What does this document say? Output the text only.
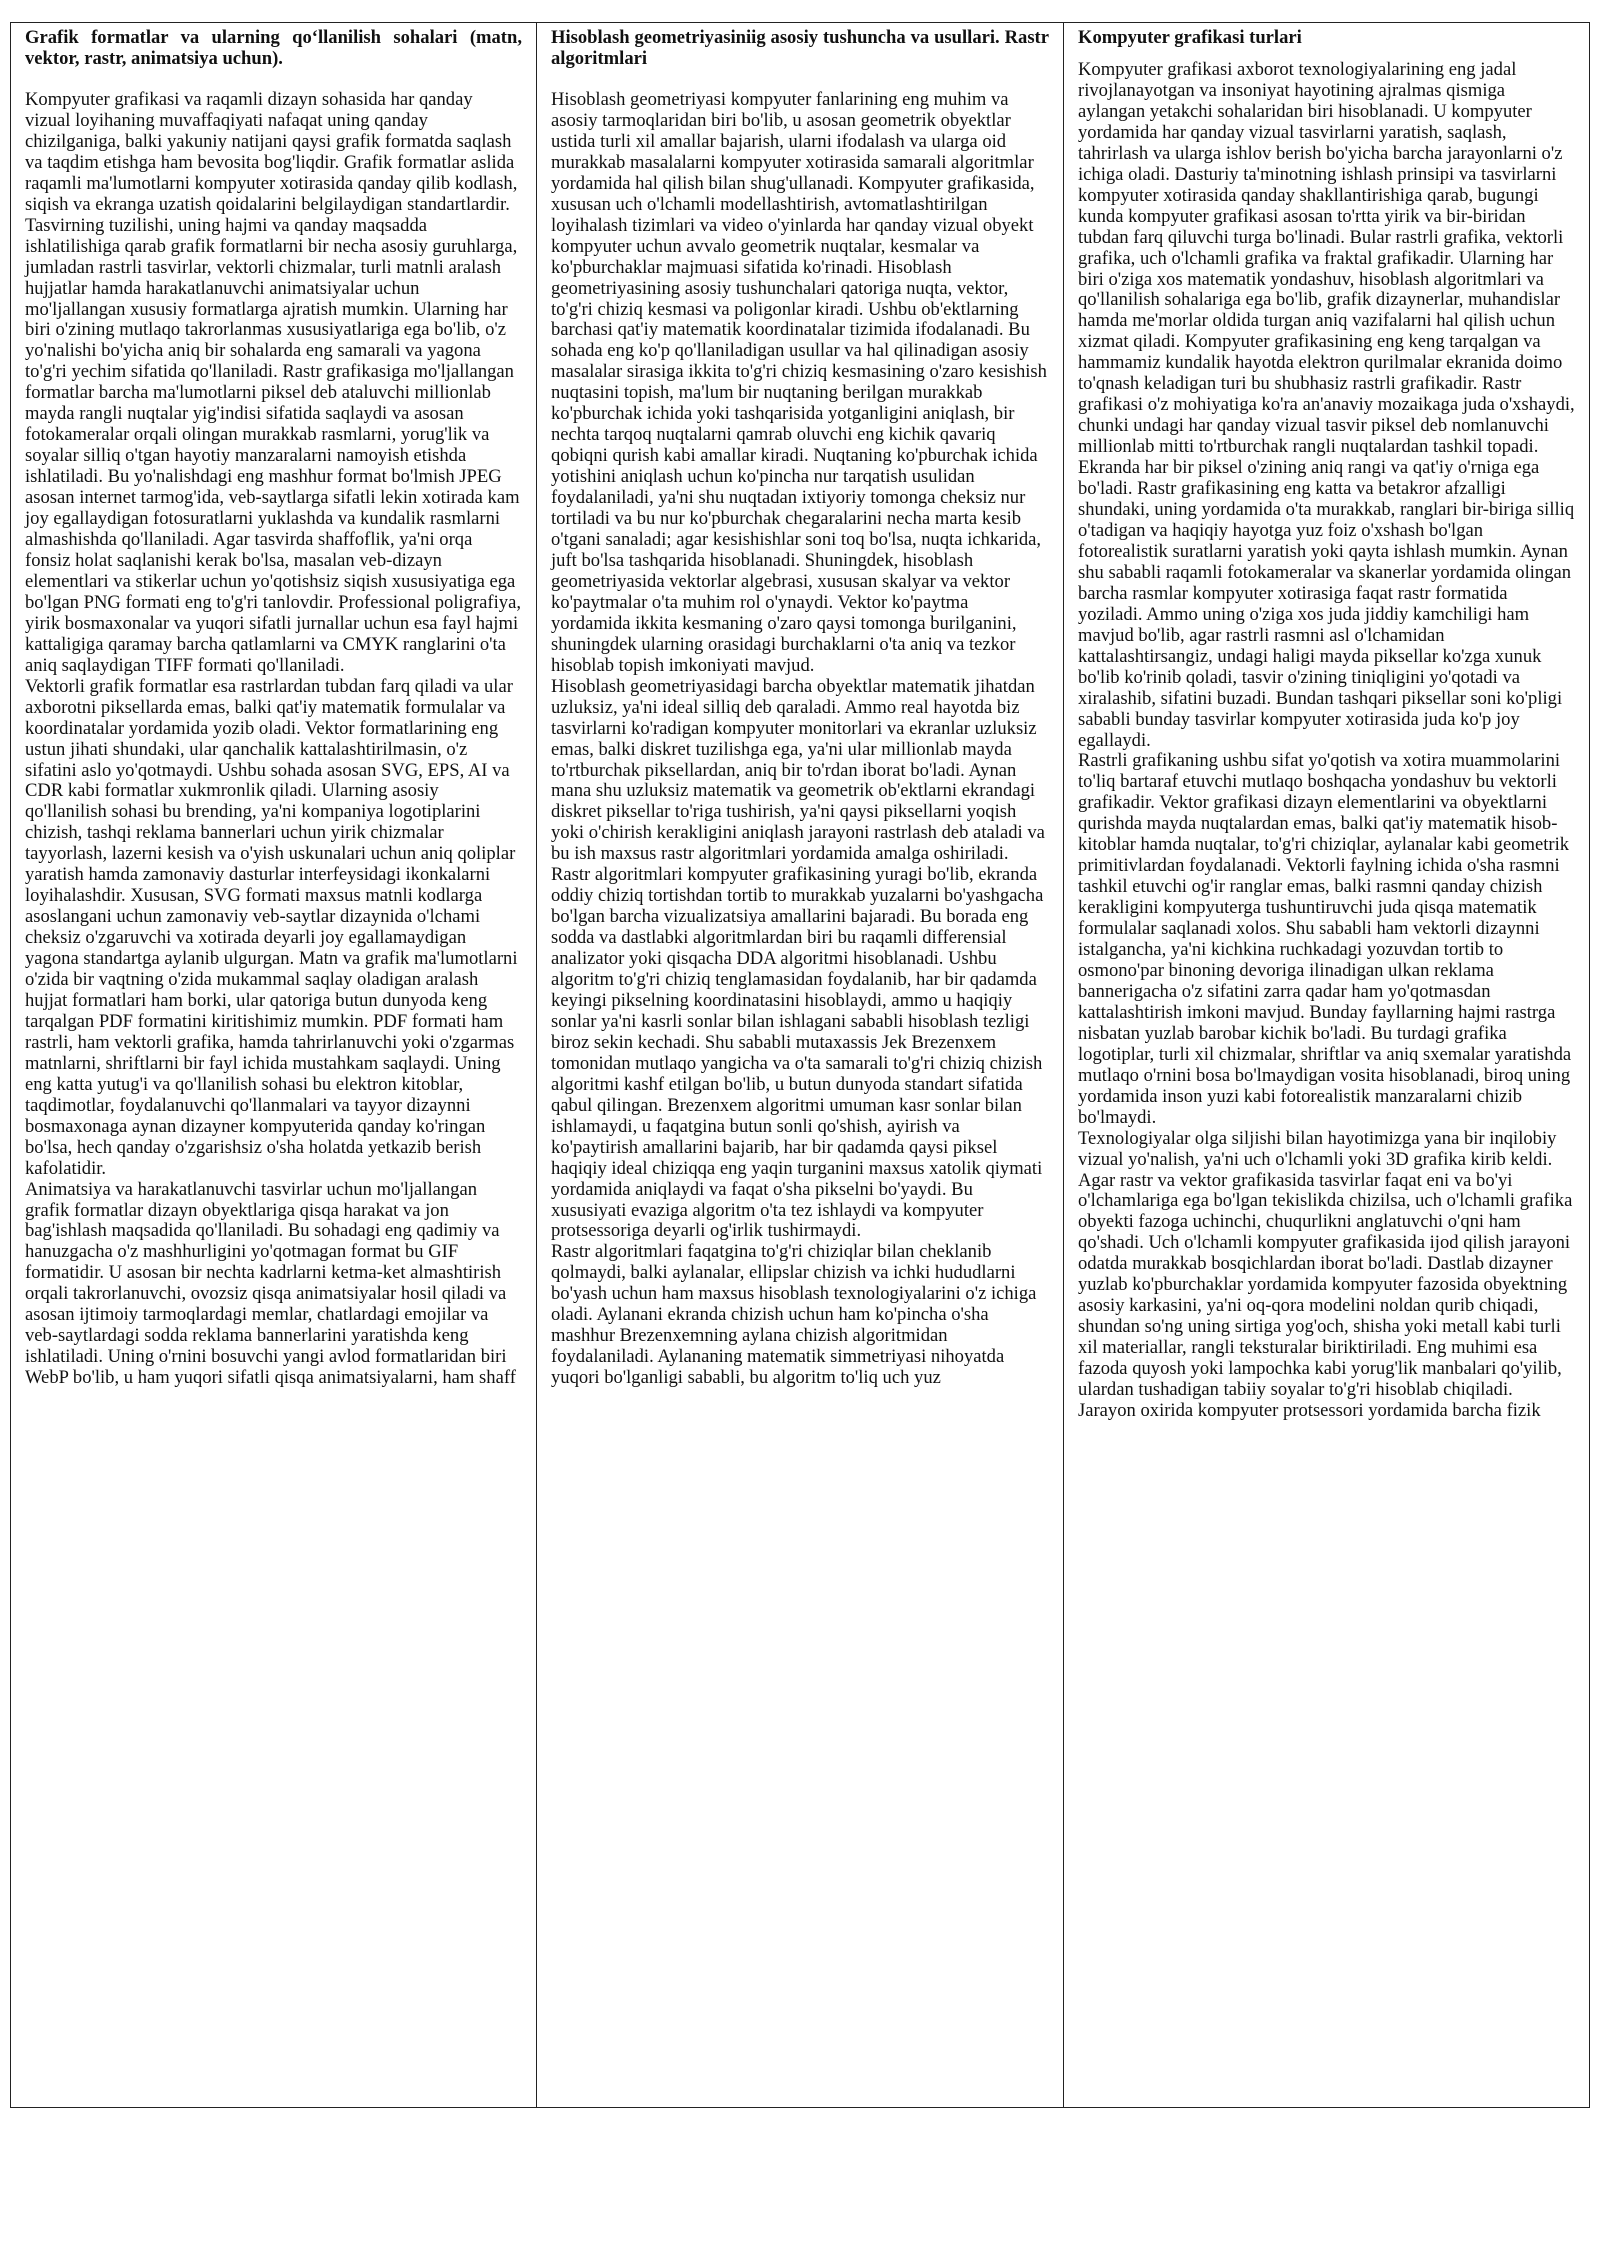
Grafik formatlar va ularning qo‘llanilish sohalari (matn, vektor, rastr, animatsiya uchun).

Kompyuter grafikasi va raqamli dizayn sohasida har qanday vizual loyihaning muvaffaqiyati nafaqat uning qanday chizilganiga, balki yakuniy natijani qaysi grafik formatda saqlash va taqdim etishga ham bevosita bog'liqdir. Grafik formatlar aslida raqamli ma'lumotlarni kompyuter xotirasida qanday qilib kodlash, siqish va ekranga uzatish qoidalarini belgilaydigan standartlardir. Tasvirning tuzilishi, uning hajmi va qanday maqsadda ishlatilishiga qarab grafik formatlarni bir necha asosiy guruhlarga, jumladan rastrli tasvirlar, vektorli chizmalar, turli matnli aralash hujjatlar hamda harakatlanuvchi animatsiyalar uchun mo'ljallangan xususiy formatlarga ajratish mumkin. Ularning har biri o'zining mutlaqo takrorlanmas xususiyatlariga ega bo'lib, o'z yo'nalishi bo'yicha aniq bir sohalarda eng samarali va yagona to'g'ri yechim sifatida qo'llaniladi. Rastr grafikasiga mo'ljallangan formatlar barcha ma'lumotlarni piksel deb ataluvchi millionlab mayda rangli nuqtalar yig'indisi sifatida saqlaydi va asosan fotokameralar orqali olingan murakkab rasmlarni, yorug'lik va soyalar silliq o'tgan hayotiy manzaralarni namoyish etishda ishlatiladi. Bu yo'nalishdagi eng mashhur format bo'lmish JPEG asosan internet tarmog'ida, veb-saytlarga sifatli lekin xotirada kam joy egallaydigan fotosuratlarni yuklashda va kundalik rasmlarni almashishda qo'llaniladi. Agar tasvirda shaffoflik, ya'ni orqa fonsiz holat saqlanishi kerak bo'lsa, masalan veb-dizayn elementlari va stikerlar uchun yo'qotishsiz siqish xususiyatiga ega bo'lgan PNG formati eng to'g'ri tanlovdir. Professional poligrafiya, yirik bosmaxonalar va yuqori sifatli jurnallar uchun esa fayl hajmi kattaligiga qaramay barcha qatlamlarni va CMYK ranglarini o'ta aniq saqlaydigan TIFF formati qo'llaniladi.

Vektorli grafik formatlar esa rastrlardan tubdan farq qiladi va ular axborotni piksellarda emas, balki qat'iy matematik formulalar va koordinatalar yordamida yozib oladi. Vektor formatlarining eng ustun jihati shundaki, ular qanchalik kattalashtirilmasin, o'z sifatini aslo yo'qotmaydi. Ushbu sohada asosan SVG, EPS, AI va CDR kabi formatlar xukmronlik qiladi. Ularning asosiy qo'llanilish sohasi bu brending, ya'ni kompaniya logotiplarini chizish, tashqi reklama bannerlari uchun yirik chizmalar tayyorlash, lazerni kesish va o'yish uskunalari uchun aniq qoliplar yaratish hamda zamonaviy dasturlar interfeysidagi ikonkalarni loyihalashdir. Xususan, SVG formati maxsus matnli kodlarga asoslangani uchun zamonaviy veb-saytlar dizaynida o'lchami cheksiz o'zgaruvchi va xotirada deyarli joy egallamaydigan yagona standartga aylanib ulgurgan. Matn va grafik ma'lumotlarni o'zida bir vaqtning o'zida mukammal saqlay oladigan aralash hujjat formatlari ham borki, ular qatoriga butun dunyoda keng tarqalgan PDF formatini kiritishimiz mumkin. PDF formati ham rastrli, ham vektorli grafika, hamda tahrirlanuvchi yoki o'zgarmas matnlarni, shriftlarni bir fayl ichida mustahkam saqlaydi. Uning eng katta yutug'i va qo'llanilish sohasi bu elektron kitoblar, taqdimotlar, foydalanuvchi qo'llanmalari va tayyor dizaynni bosmaxonaga aynan dizayner kompyuterida qanday ko'ringan bo'lsa, hech qanday o'zgarishsiz o'sha holatda yetkazib berish kafolatidir.

Animatsiya va harakatlanuvchi tasvirlar uchun mo'ljallangan grafik formatlar dizayn obyektlariga qisqa harakat va jon bag'ishlash maqsadida qo'llaniladi. Bu sohadagi eng qadimiy va hanuzgacha o'z mashhurligini yo'qotmagan format bu GIF formatidir. U asosan bir nechta kadrlarni ketma-ket almashtirish orqali takrorlanuvchi, ovozsiz qisqa animatsiyalar hosil qiladi va asosan ijtimoiy tarmoqlardagi memlar, chatlardagi emojilar va veb-saytlardagi sodda reklama bannerlarini yaratishda keng ishlatiladi. Uning o'rnini bosuvchi yangi avlod formatlaridan biri WebP bo'lib, u ham yuqori sifatli qisqa animatsiyalarni, ham shaff

Hisoblash geometriyasiniig asosiy tushuncha va usullari. Rastr algoritmlari

Hisoblash geometriyasi kompyuter fanlarining eng muhim va asosiy tarmoqlaridan biri bo'lib, u asosan geometrik obyektlar ustida turli xil amallar bajarish, ularni ifodalash va ularga oid murakkab masalalarni kompyuter xotirasida samarali algoritmlar yordamida hal qilish bilan shug'ullanadi. Kompyuter grafikasida, xususan uch o'lchamli modellashtirish, avtomatlashtirilgan loyihalash tizimlari va video o'yinlarda har qanday vizual obyekt kompyuter uchun avvalo geometrik nuqtalar, kesmalar va ko'pburchaklar majmuasi sifatida ko'rinadi. Hisoblash geometriyasining asosiy tushunchalari qatoriga nuqta, vektor, to'g'ri chiziq kesmasi va poligonlar kiradi. Ushbu ob'ektlarning barchasi qat'iy matematik koordinatalar tizimida ifodalanadi. Bu sohada eng ko'p qo'llaniladigan usullar va hal qilinadigan asosiy masalalar sirasiga ikkita to'g'ri chiziq kesmasining o'zaro kesishish nuqtasini topish, ma'lum bir nuqtaning berilgan murakkab ko'pburchak ichida yoki tashqarisida yotganligini aniqlash, bir nechta tarqoq nuqtalarni qamrab oluvchi eng kichik qavariq qobiqni qurish kabi amallar kiradi. Nuqtaning ko'pburchak ichida yotishini aniqlash uchun ko'pincha nur tarqatish usulidan foydalaniladi, ya'ni shu nuqtadan ixtiyoriy tomonga cheksiz nur tortiladi va bu nur ko'pburchak chegaralarini necha marta kesib o'tgani sanaladi; agar kesishishlar soni toq bo'lsa, nuqta ichkarida, juft bo'lsa tashqarida hisoblanadi. Shuningdek, hisoblash geometriyasida vektorlar algebrasi, xususan skalyar va vektor ko'paytmalar o'ta muhim rol o'ynaydi. Vektor ko'paytma yordamida ikkita kesmaning o'zaro qaysi tomonga burilganini, shuningdek ularning orasidagi burchaklarni o'ta aniq va tezkor hisoblab topish imkoniyati mavjud.

Hisoblash geometriyasidagi barcha obyektlar matematik jihatdan uzluksiz, ya'ni ideal silliq deb qaraladi. Ammo real hayotda biz tasvirlarni ko'radigan kompyuter monitorlari va ekranlar uzluksiz emas, balki diskret tuzilishga ega, ya'ni ular millionlab mayda to'rtburchak piksellardan, aniq bir to'rdan iborat bo'ladi. Aynan mana shu uzluksiz matematik va geometrik ob'ektlarni ekrandagi diskret piksellar to'riga tushirish, ya'ni qaysi piksellarni yoqish yoki o'chirish kerakligini aniqlash jarayoni rastrlash deb ataladi va bu ish maxsus rastr algoritmlari yordamida amalga oshiriladi. Rastr algoritmlari kompyuter grafikasining yuragi bo'lib, ekranda oddiy chiziq tortishdan tortib to murakkab yuzalarni bo'yashgacha bo'lgan barcha vizualizatsiya amallarini bajaradi. Bu borada eng sodda va dastlabki algoritmlardan biri bu raqamli differensial analizator yoki qisqacha DDA algoritmi hisoblanadi. Ushbu algoritm to'g'ri chiziq tenglamasidan foydalanib, har bir qadamda keyingi pikselning koordinatasini hisoblaydi, ammo u haqiqiy sonlar ya'ni kasrli sonlar bilan ishlagani sababli hisoblash tezligi biroz sekin kechadi. Shu sababli mutaxassis Jek Brezenxem tomonidan mutlaqo yangicha va o'ta samarali to'g'ri chiziq chizish algoritmi kashf etilgan bo'lib, u butun dunyoda standart sifatida qabul qilingan. Brezenxem algoritmi umuman kasr sonlar bilan ishlamaydi, u faqatgina butun sonli qo'shish, ayirish va ko'paytirish amallarini bajarib, har bir qadamda qaysi piksel haqiqiy ideal chiziqqa eng yaqin turganini maxsus xatolik qiymati yordamida aniqlaydi va faqat o'sha pikselni bo'yaydi. Bu xususiyati evaziga algoritm o'ta tez ishlaydi va kompyuter protsessoriga deyarli og'irlik tushirmaydi.

Rastr algoritmlari faqatgina to'g'ri chiziqlar bilan cheklanib qolmaydi, balki aylanalar, ellipslar chizish va ichki hududlarni bo'yash uchun ham maxsus hisoblash texnologiyalarini o'z ichiga oladi. Aylanani ekranda chizish uchun ham ko'pincha o'sha mashhur Brezenxemning aylana chizish algoritmidan foydalaniladi. Aylananing matematik simmetriyasi nihoyatda yuqori bo'lganligi sababli, bu algoritm to'liq uch yuz

Kompyuter grafikasi turlari

Kompyuter grafikasi axborot texnologiyalarining eng jadal rivojlanayotgan va insoniyat hayotining ajralmas qismiga aylangan yetakchi sohalaridan biri hisoblanadi. U kompyuter yordamida har qanday vizual tasvirlarni yaratish, saqlash, tahrirlash va ularga ishlov berish bo'yicha barcha jarayonlarni o'z ichiga oladi. Dasturiy ta'minotning ishlash prinsipi va tasvirlarni kompyuter xotirasida qanday shakllantirishiga qarab, bugungi kunda kompyuter grafikasi asosan to'rtta yirik va bir-biridan tubdan farq qiluvchi turga bo'linadi. Bular rastrli grafika, vektorli grafika, uch o'lchamli grafika va fraktal grafikadir. Ularning har biri o'ziga xos matematik yondashuv, hisoblash algoritmlari va qo'llanilish sohalariga ega bo'lib, grafik dizaynerlar, muhandislar hamda me'morlar oldida turgan aniq vazifalarni hal qilish uchun xizmat qiladi. Kompyuter grafikasining eng keng tarqalgan va hammamiz kundalik hayotda elektron qurilmalar ekranida doimo to'qnash keladigan turi bu shubhasiz rastrli grafikadir. Rastr grafikasi o'z mohiyatiga ko'ra an'anaviy mozaikaga juda o'xshaydi, chunki undagi har qanday vizual tasvir piksel deb nomlanuvchi millionlab mitti to'rtburchak rangli nuqtalardan tashkil topadi. Ekranda har bir piksel o'zining aniq rangi va qat'iy o'rniga ega bo'ladi. Rastr grafikasining eng katta va betakror afzalligi shundaki, uning yordamida o'ta murakkab, ranglari bir-biriga silliq o'tadigan va haqiqiy hayotga yuz foiz o'xshash bo'lgan fotorealistik suratlarni yaratish yoki qayta ishlash mumkin. Aynan shu sababli raqamli fotokameralar va skanerlar yordamida olingan barcha rasmlar kompyuter xotirasiga faqat rastr formatida yoziladi. Ammo uning o'ziga xos juda jiddiy kamchiligi ham mavjud bo'lib, agar rastrli rasmni asl o'lchamidan kattalashtirsangiz, undagi haligi mayda piksellar ko'zga xunuk bo'lib ko'rinib qoladi, tasvir o'zining tiniqligini yo'qotadi va xiralashib, sifatini buzadi. Bundan tashqari piksellar soni ko'pligi sababli bunday tasvirlar kompyuter xotirasida juda ko'p joy egallaydi.

Rastrli grafikaning ushbu sifat yo'qotish va xotira muammolarini to'liq bartaraf etuvchi mutlaqo boshqacha yondashuv bu vektorli grafikadir. Vektor grafikasi dizayn elementlarini va obyektlarni qurishda mayda nuqtalardan emas, balki qat'iy matematik hisob-kitoblar hamda nuqtalar, to'g'ri chiziqlar, aylanalar kabi geometrik primitivlardan foydalanadi. Vektorli faylning ichida o'sha rasmni tashkil etuvchi og'ir ranglar emas, balki rasmni qanday chizish kerakligini kompyuterga tushuntiruvchi juda qisqa matematik formulalar saqlanadi xolos. Shu sababli ham vektorli dizaynni istalgancha, ya'ni kichkina ruchkadagi yozuvdan tortib to osmono'par binoning devoriga ilinadigan ulkan reklama bannerigacha o'z sifatini zarra qadar ham yo'qotmasdan kattalashtirish imkoni mavjud. Bunday fayllarning hajmi rastrga nisbatan yuzlab barobar kichik bo'ladi. Bu turdagi grafika logotiplar, turli xil chizmalar, shriftlar va aniq sxemalar yaratishda mutlaqo o'rnini bosa bo'lmaydigan vosita hisoblanadi, biroq uning yordamida inson yuzi kabi fotorealistik manzaralarni chizib bo'lmaydi.

Texnologiyalar olga siljishi bilan hayotimizga yana bir inqilobiy vizual yo'nalish, ya'ni uch o'lchamli yoki 3D grafika kirib keldi. Agar rastr va vektor grafikasida tasvirlar faqat eni va bo'yi o'lchamlariga ega bo'lgan tekislikda chizilsa, uch o'lchamli grafika obyekti fazoga uchinchi, chuqurlikni anglatuvchi o'qni ham qo'shadi. Uch o'lchamli kompyuter grafikasida ijod qilish jarayoni odatda murakkab bosqichlardan iborat bo'ladi. Dastlab dizayner yuzlab ko'pburchaklar yordamida kompyuter fazosida obyektning asosiy karkasini, ya'ni oq-qora modelini noldan qurib chiqadi, shundan so'ng uning sirtiga yog'och, shisha yoki metall kabi turli xil materiallar, rangli teksturalar biriktiriladi. Eng muhimi esa fazoda quyosh yoki lampochka kabi yorug'lik manbalari qo'yilib, ulardan tushadigan tabiiy soyalar to'g'ri hisoblab chiqiladi. Jarayon oxirida kompyuter protsessori yordamida barcha fizik
